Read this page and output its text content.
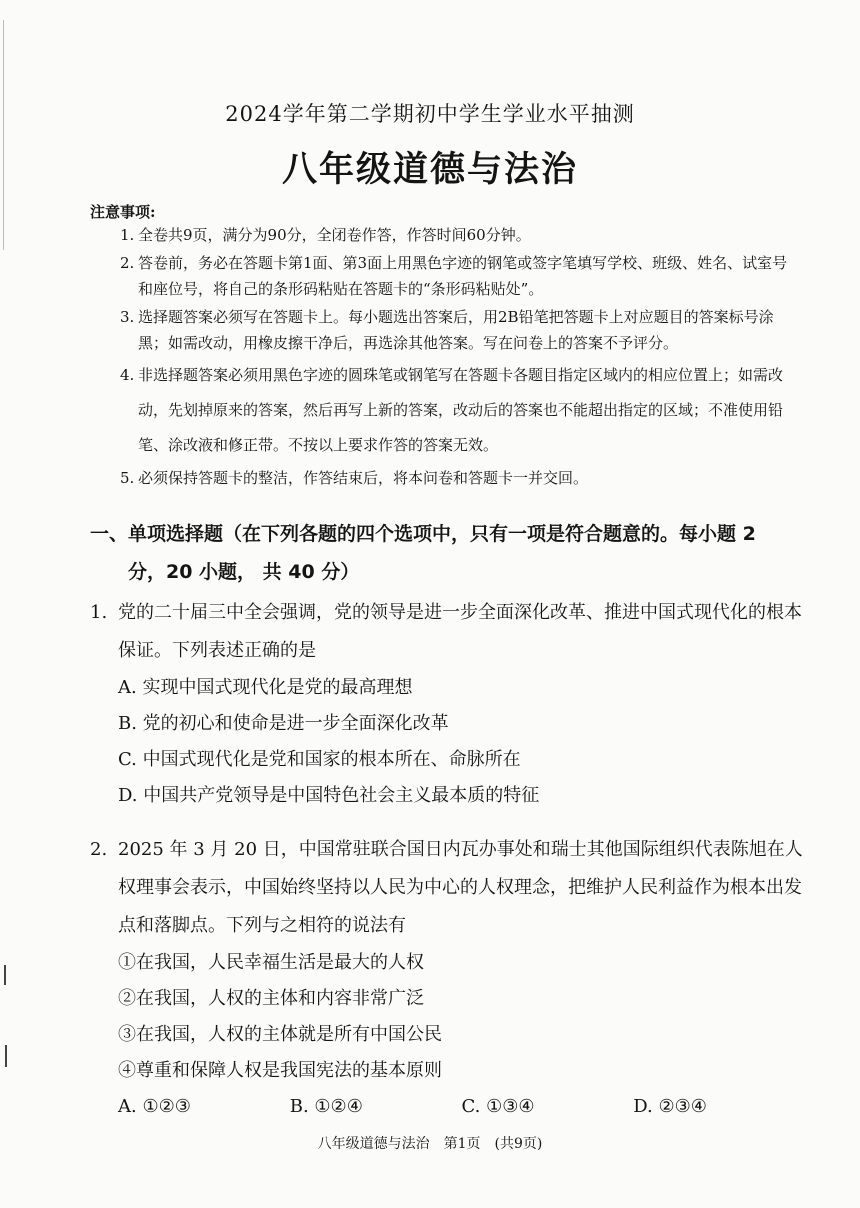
2024学年第二学期初中学生学业水平抽测
八年级道德与法治
注意事项:
1. 全卷共9页，满分为90分，全闭卷作答，作答时间60分钟。
2. 答卷前，务必在答题卡第1面、第3面上用黑色字迹的钢笔或签字笔填写学校、班级、姓名、试室号和座位号，将自己的条形码粘贴在答题卡的“条形码粘贴处”。
3. 选择题答案必须写在答题卡上。每小题选出答案后，用2B铅笔把答题卡上对应题目的答案标号涂黑；如需改动，用橡皮擦干净后，再选涂其他答案。写在问卷上的答案不予评分。
4. 非选择题答案必须用黑色字迹的圆珠笔或钢笔写在答题卡各题目指定区域内的相应位置上；如需改动，先划掉原来的答案，然后再写上新的答案，改动后的答案也不能超出指定的区域；不准使用铅笔、涂改液和修正带。不按以上要求作答的答案无效。
5. 必须保持答题卡的整洁，作答结束后，将本问卷和答题卡一并交回。
一、单项选择题（在下列各题的四个选项中，只有一项是符合题意的。每小题 2
分，20 小题， 共 40 分）
1. 党的二十届三中全会强调，党的领导是进一步全面深化改革、推进中国式现代化的根本保证。下列表述正确的是
A. 实现中国式现代化是党的最高理想
B. 党的初心和使命是进一步全面深化改革
C. 中国式现代化是党和国家的根本所在、命脉所在
D. 中国共产党领导是中国特色社会主义最本质的特征
2. 2025 年 3 月 20 日，中国常驻联合国日内瓦办事处和瑞士其他国际组织代表陈旭在人权理事会表示，中国始终坚持以人民为中心的人权理念，把维护人民利益作为根本出发点和落脚点。下列与之相符的说法有
①在我国，人民幸福生活是最大的人权
②在我国，人权的主体和内容非常广泛
③在我国，人权的主体就是所有中国公民
④尊重和保障人权是我国宪法的基本原则
A. ①②③	B. ①②④	C. ①③④	D. ②③④
八年级道德与法治　第1页　(共9页)
